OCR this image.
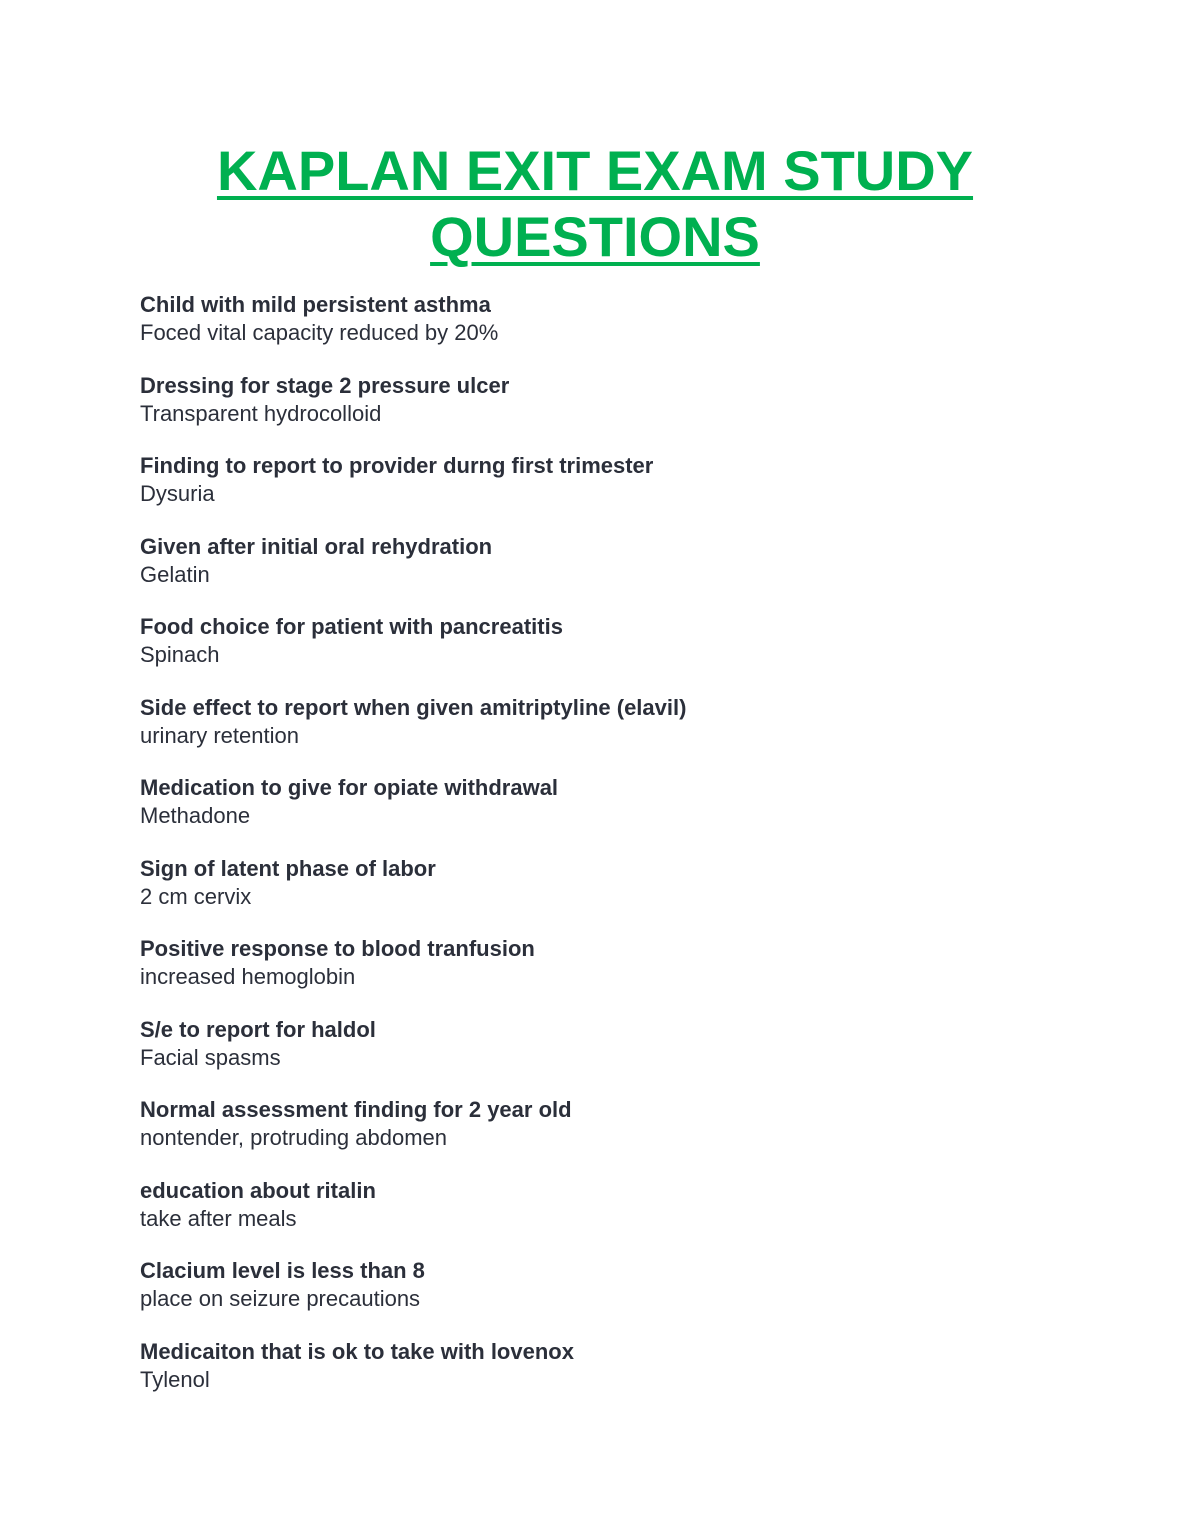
KAPLAN EXIT EXAM STUDY
QUESTIONS
Child with mild persistent asthma
Foced vital capacity reduced by 20%
Dressing for stage 2 pressure ulcer
Transparent hydrocolloid
Finding to report to provider durng first trimester
Dysuria
Given after initial oral rehydration
Gelatin
Food choice for patient with pancreatitis
Spinach
Side effect to report when given amitriptyline (elavil)
urinary retention
Medication to give for opiate withdrawal
Methadone
Sign of latent phase of labor
2 cm cervix
Positive response to blood tranfusion
increased hemoglobin
S/e to report for haldol
Facial spasms
Normal assessment finding for 2 year old
nontender, protruding abdomen
education about ritalin
take after meals
Clacium level is less than 8
place on seizure precautions
Medicaiton that is ok to take with lovenox
Tylenol
